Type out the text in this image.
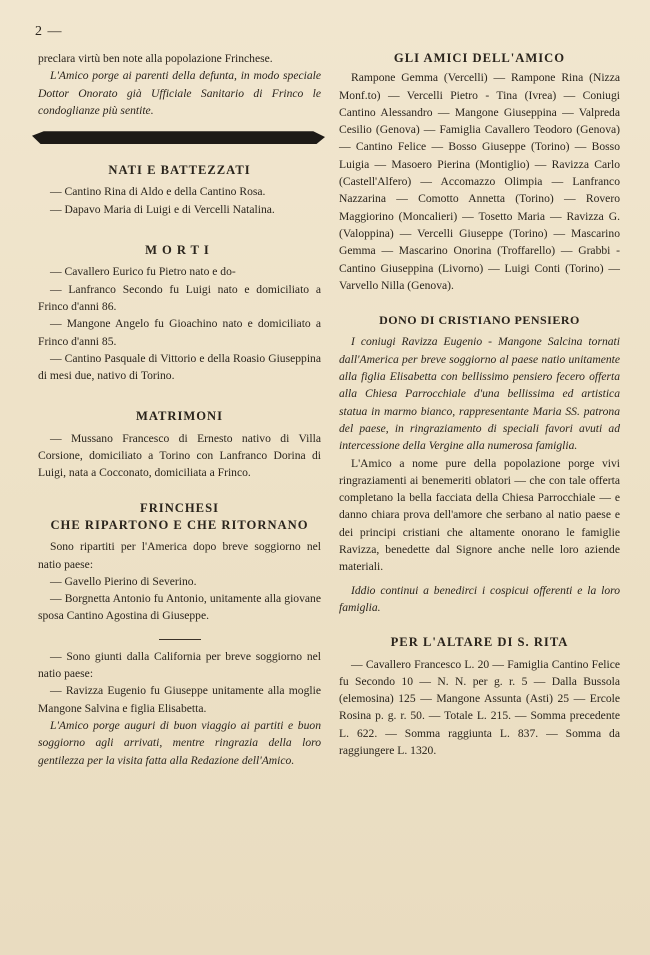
2 —

preclara virtù ben note alla popolazione Frinchese.

L'Amico porge ai parenti della defunta, in modo speciale Dottor Onorato già Ufficiale Sanitario di Frinco le condoglianze più sentite.

NATI E BATTEZZATI

— Cantino Rina di Aldo e della Cantino Rosa.

— Dapavo Maria di Luigi e di Vercelli Natalina.

MORTI

— Cavallero Eurico fu Pietro nato e do-

— Lanfranco Secondo fu Luigi nato e domiciliato a Frinco d'anni 86.

— Mangone Angelo fu Gioachino nato e domiciliato a Frinco d'anni 85.

— Cantino Pasquale di Vittorio e della Roasio Giuseppina di mesi due, nativo di Torino.

MATRIMONI

— Mussano Francesco di Ernesto nativo di Villa Corsione, domiciliato a Torino con Lanfranco Dorina di Luigi, nata a Cocconato, domiciliata a Frinco.

FRINCHESI
CHE RIPARTONO E CHE RITORNANO

Sono ripartiti per l'America dopo breve soggiorno nel natio paese:

— Gavello Pierino di Severino.

— Borgnetta Antonio fu Antonio, unitamente alla giovane sposa Cantino Agostina di Giuseppe.

— Sono giunti dalla California per breve soggiorno nel natio paese:

— Ravizza Eugenio fu Giuseppe unitamente alla moglie Mangone Salvina e figlia Elisabetta.

L'Amico porge auguri di buon viaggio ai partiti e buon soggiorno agli arrivati, mentre ringrazia della loro gentilezza per la visita fatta alla Redazione dell'Amico.

GLI AMICI DELL'AMICO

Rampone Gemma (Vercelli) — Rampone Rina (Nizza Monf.to) — Vercelli Pietro - Tina (Ivrea) — Coniugi Cantino Alessandro — Mangone Giuseppina — Valpreda Cesilio (Genova) — Famiglia Cavallero Teodoro (Genova) — Cantino Felice — Bosso Giuseppe (Torino) — Bosso Luigia — Masoero Pierina (Montiglio) — Ravizza Carlo (Castell'Alfero) — Accomazzo Olimpia — Lanfranco Nazzarina — Comotto Annetta (Torino) — Rovero Maggiorino (Moncalieri) — Tosetto Maria — Ravizza G. (Valoppina) — Vercelli Giuseppe (Torino) — Mascarino Gemma — Mascarino Onorina (Troffarello) — Grabbi - Cantino Giuseppina (Livorno) — Luigi Conti (Torino) — Varvello Nilla (Genova).

DONO DI CRISTIANO PENSIERO

I coniugi Ravizza Eugenio - Mangone Salcina tornati dall'America per breve soggiorno al paese natio unitamente alla figlia Elisabetta con bellissimo pensiero fecero offerta alla Chiesa Parrocchiale d'una bellissima ed artistica statua in marmo bianco, rappresentante Maria SS. patrona del paese, in ringraziamento di speciali favori avuti ad intercessione della Vergine alla numerosa famiglia.

L'Amico a nome pure della popolazione porge vivi ringraziamenti ai benemeriti oblatori — che con tale offerta completano la bella facciata della Chiesa Parrocchiale — e danno chiara prova dell'amore che serbano al natio paese e dei principi cristiani che altamente onorano le famiglie Ravizza, benedette dal Signore anche nelle loro aziende materiali.

Iddio continui a benedirci i cospicui offerenti e la loro famiglia.

PER L'ALTARE DI S. RITA

— Cavallero Francesco L. 20 — Famiglia Cantino Felice fu Secondo 10 — N. N. per g. r. 5 — Dalla Bussola (elemosina) 125 — Mangone Assunta (Asti) 25 — Ercole Rosina p. g. r. 50. — Totale L. 215. — Somma precedente L. 622. — Somma raggiunta L. 837. — Somma da raggiungere L. 1320.
